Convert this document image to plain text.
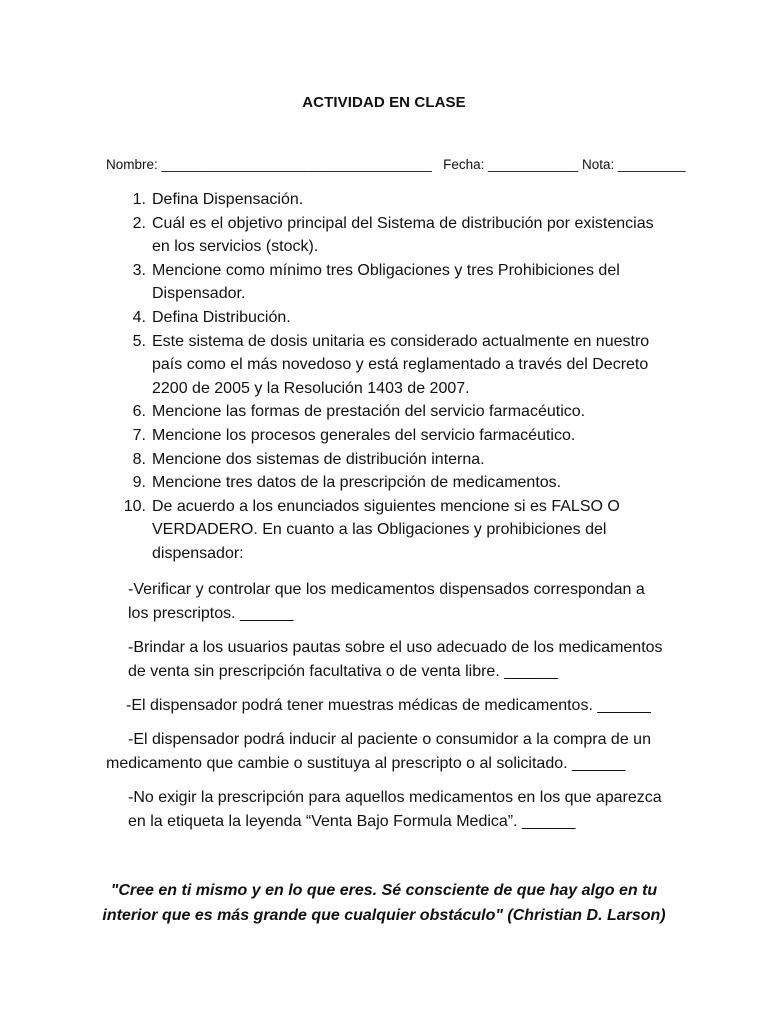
ACTIVIDAD EN CLASE
Nombre: ____________________________________ Fecha: ____________ Nota: _________
1. Defina Dispensación.
2. Cuál es el objetivo principal del Sistema de distribución por existencias en los servicios (stock).
3. Mencione como mínimo tres Obligaciones y tres Prohibiciones del Dispensador.
4. Defina Distribución.
5. Este sistema de dosis unitaria es considerado actualmente en nuestro país como el más novedoso y está reglamentado a través del Decreto 2200 de 2005 y la Resolución 1403 de 2007.
6. Mencione las formas de prestación del servicio farmacéutico.
7. Mencione los procesos generales del servicio farmacéutico.
8. Mencione dos sistemas de distribución interna.
9. Mencione tres datos de la prescripción de medicamentos.
10. De acuerdo a los enunciados siguientes mencione si es FALSO O VERDADERO. En cuanto a las Obligaciones y prohibiciones del dispensador:

-Verificar y controlar que los medicamentos dispensados correspondan a los prescriptos. ______

-Brindar a los usuarios pautas sobre el uso adecuado de los medicamentos de venta sin prescripción facultativa o de venta libre. ______

-El dispensador podrá tener muestras médicas de medicamentos. ______

-El dispensador podrá inducir al paciente o consumidor a la compra de un medicamento que cambie o sustituya al prescripto o al solicitado. ______

-No exigir la prescripción para aquellos medicamentos en los que aparezca en la etiqueta la leyenda “Venta Bajo Formula Medica”. ______

"Cree en ti mismo y en lo que eres. Sé consciente de que hay algo en tu interior que es más grande que cualquier obstáculo" (Christian D. Larson)
